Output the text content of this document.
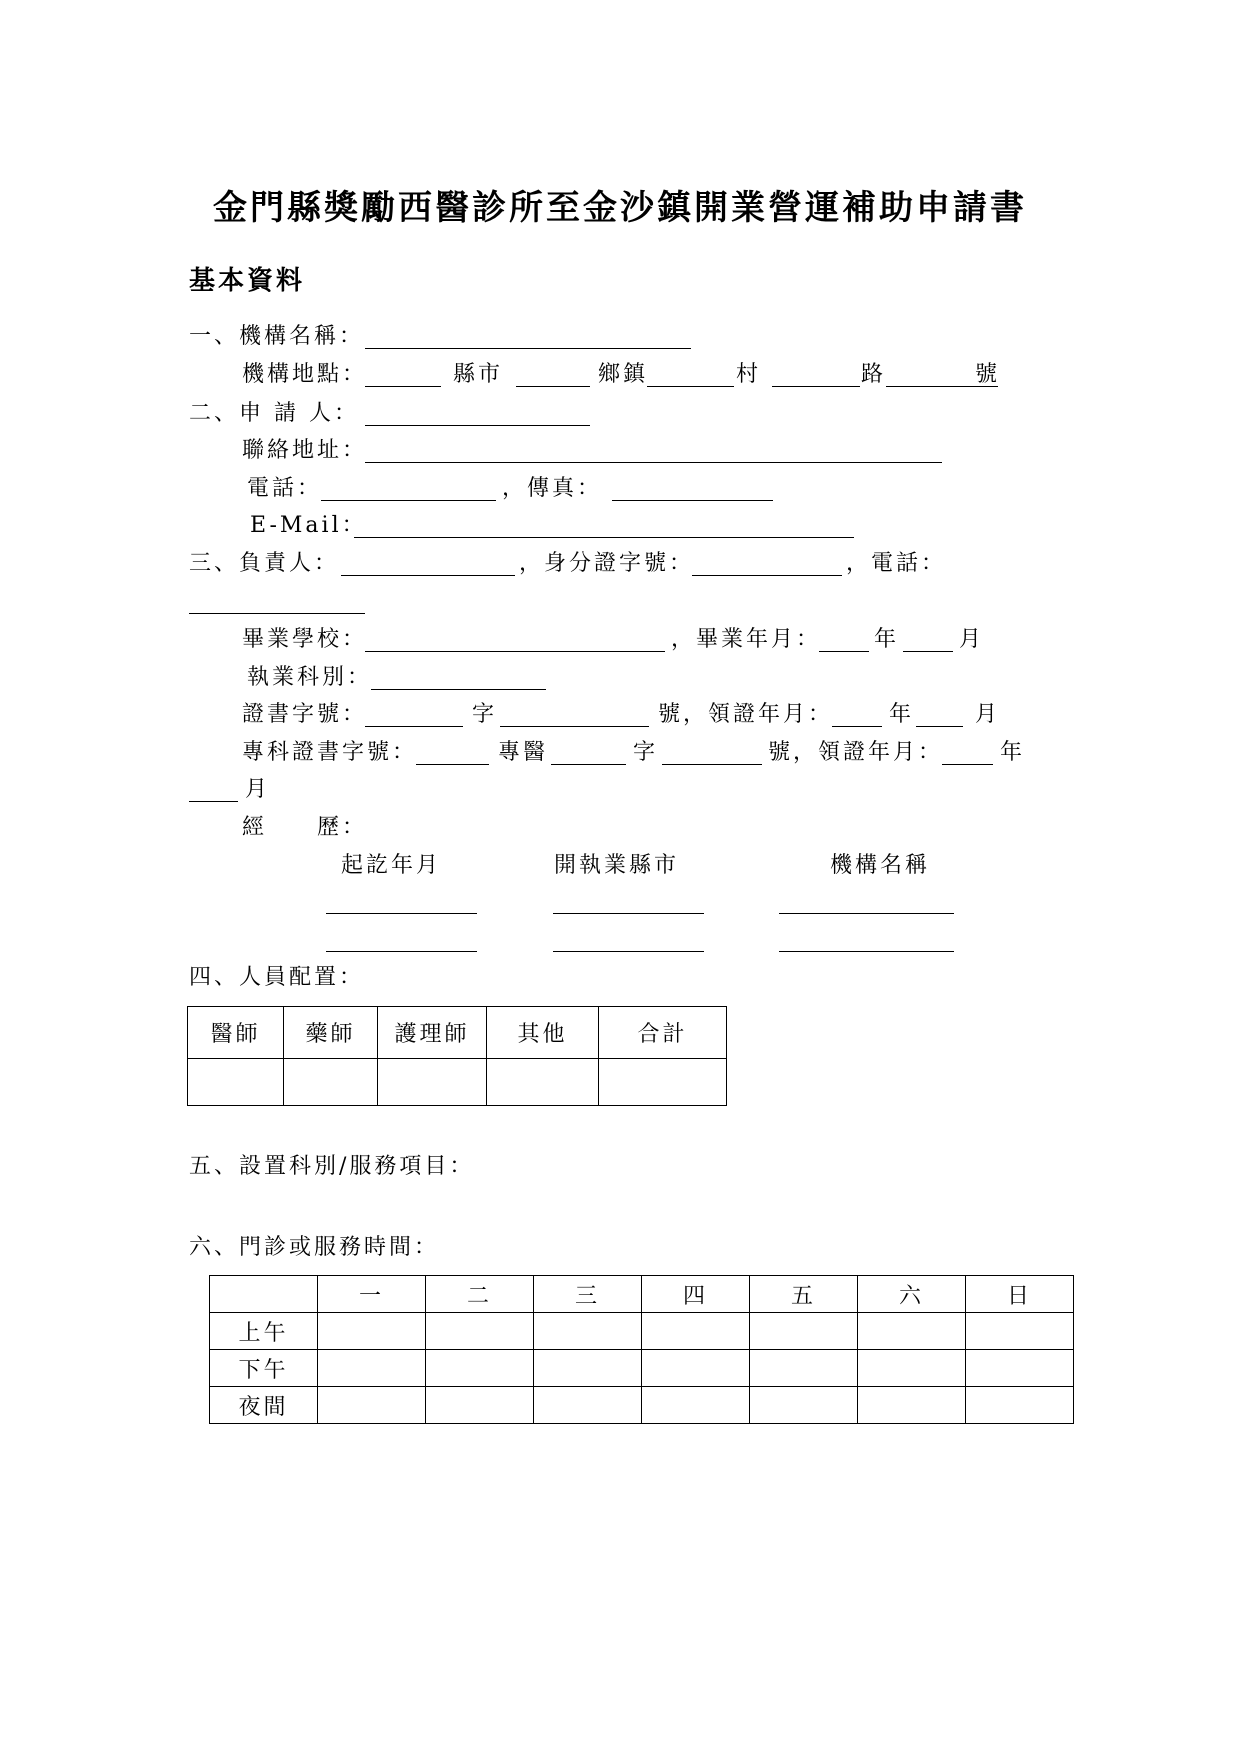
金門縣獎勵西醫診所至金沙鎮開業營運補助申請書
基本資料
一、機構名稱：
機構地點：	縣市	鄉鎮	村	路	號
二、申 請 人：
聯絡地址：
電話：	，傳真：
E-Mail：
三、負責人：	，身分證字號：	，電話：
畢業學校：	，畢業年月： 年	月
執業科別：
證書字號：	字	號，領證年月：	年	月
專科證書字號：	專醫	字	號，領證年月：	年
月
經　　歷：
起訖年月	開執業縣市	機構名稱
四、人員配置：
醫師	藥師	護理師	其他	合計

五、設置科別/服務項目：
六、門診或服務時間：
	一	二	三	四	五	六	日
上午							
下午							
夜間							
